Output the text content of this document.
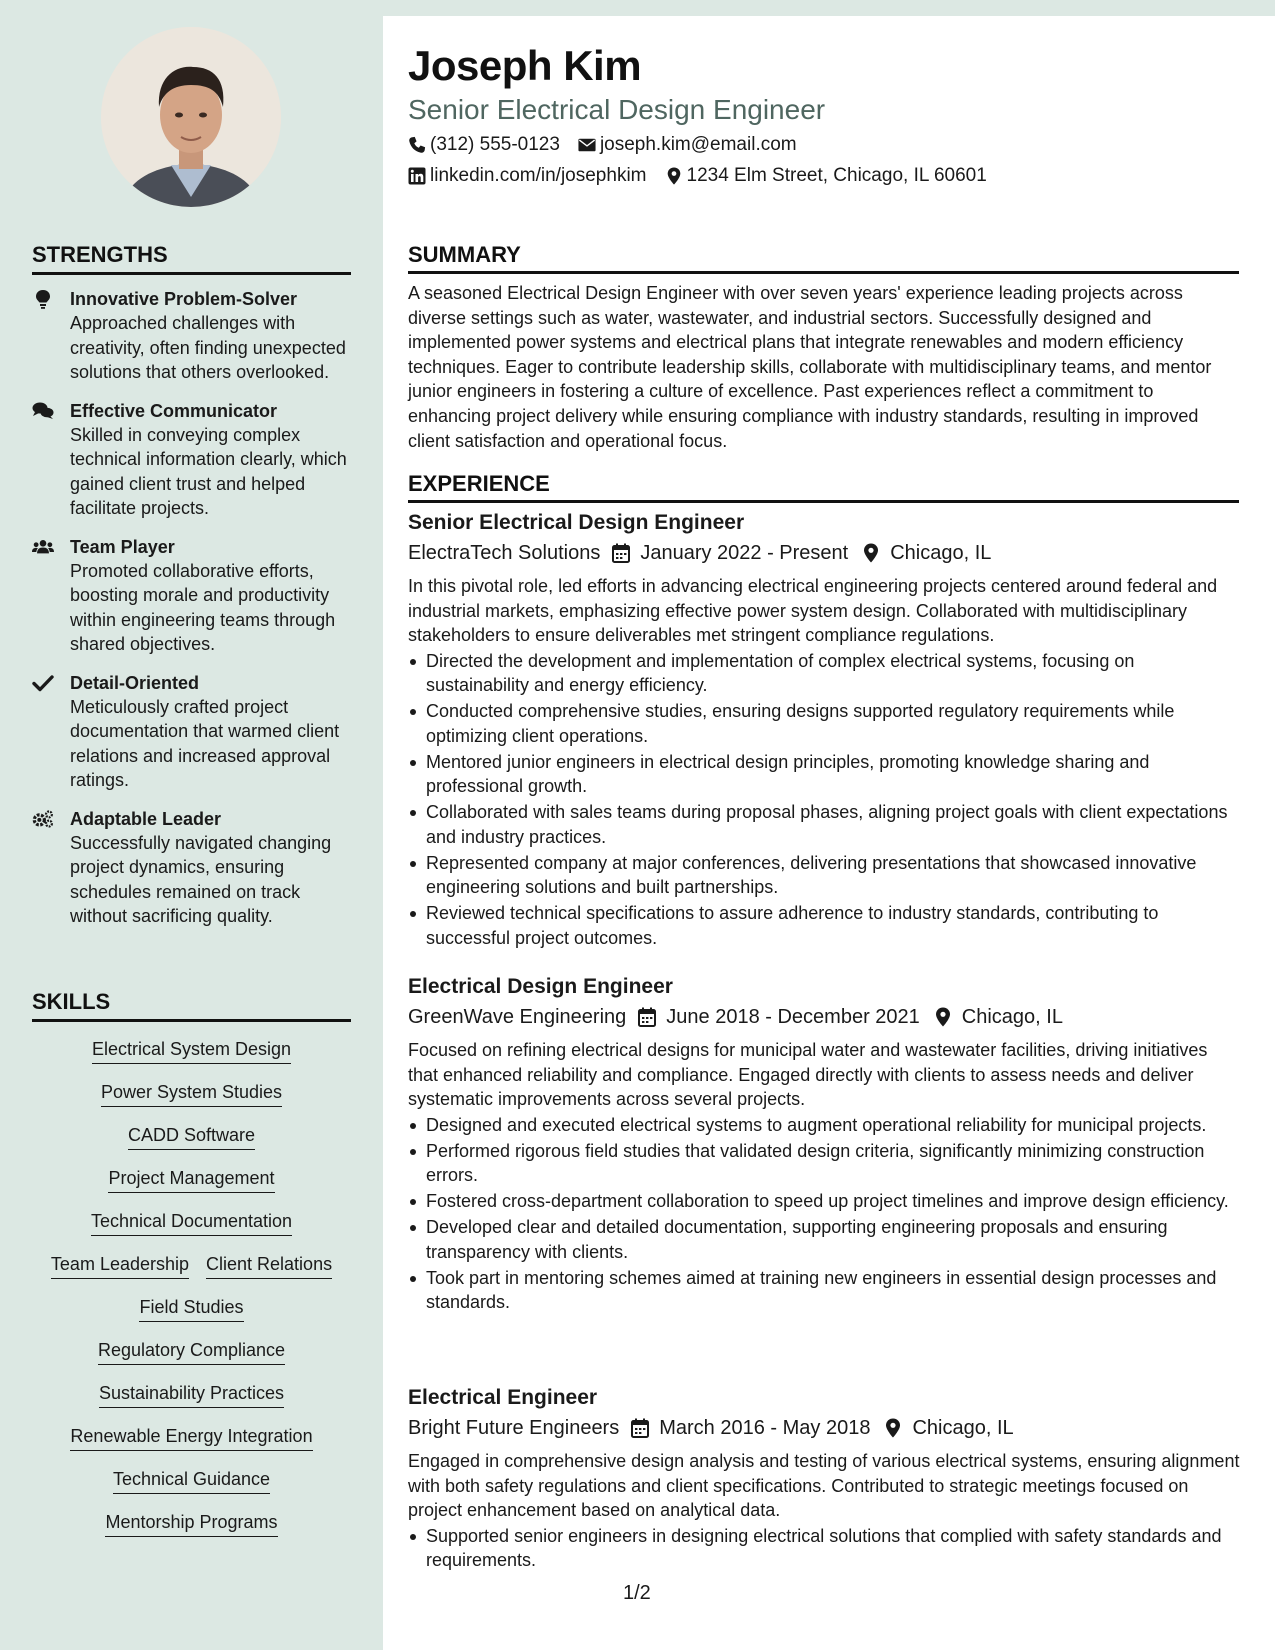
STRENGTHS
Innovative Problem-Solver
Approached challenges with creativity, often finding unexpected solutions that others overlooked.
Effective Communicator
Skilled in conveying complex technical information clearly, which gained client trust and helped facilitate projects.
Team Player
Promoted collaborative efforts, boosting morale and productivity within engineering teams through shared objectives.
Detail-Oriented
Meticulously crafted project documentation that warmed client relations and increased approval ratings.
Adaptable Leader
Successfully navigated changing project dynamics, ensuring schedules remained on track without sacrificing quality.
SKILLS
Electrical System Design
Power System Studies
CADD Software
Project Management
Technical Documentation
Team Leadership Client Relations
Field Studies
Regulatory Compliance
Sustainability Practices
Renewable Energy Integration
Technical Guidance
Mentorship Programs
Joseph Kim
Senior Electrical Design Engineer
(312) 555-0123 joseph.kim@email.com
linkedin.com/in/josephkim 1234 Elm Street, Chicago, IL 60601
SUMMARY
A seasoned Electrical Design Engineer with over seven years' experience leading projects across diverse settings such as water, wastewater, and industrial sectors. Successfully designed and implemented power systems and electrical plans that integrate renewables and modern efficiency techniques. Eager to contribute leadership skills, collaborate with multidisciplinary teams, and mentor junior engineers in fostering a culture of excellence. Past experiences reflect a commitment to enhancing project delivery while ensuring compliance with industry standards, resulting in improved client satisfaction and operational focus.
EXPERIENCE
Senior Electrical Design Engineer
ElectraTech Solutions January 2022 - Present Chicago, IL
In this pivotal role, led efforts in advancing electrical engineering projects centered around federal and industrial markets, emphasizing effective power system design. Collaborated with multidisciplinary stakeholders to ensure deliverables met stringent compliance regulations.
Directed the development and implementation of complex electrical systems, focusing on sustainability and energy efficiency.
Conducted comprehensive studies, ensuring designs supported regulatory requirements while optimizing client operations.
Mentored junior engineers in electrical design principles, promoting knowledge sharing and professional growth.
Collaborated with sales teams during proposal phases, aligning project goals with client expectations and industry practices.
Represented company at major conferences, delivering presentations that showcased innovative engineering solutions and built partnerships.
Reviewed technical specifications to assure adherence to industry standards, contributing to successful project outcomes.
Electrical Design Engineer
GreenWave Engineering June 2018 - December 2021 Chicago, IL
Focused on refining electrical designs for municipal water and wastewater facilities, driving initiatives that enhanced reliability and compliance. Engaged directly with clients to assess needs and deliver systematic improvements across several projects.
Designed and executed electrical systems to augment operational reliability for municipal projects.
Performed rigorous field studies that validated design criteria, significantly minimizing construction errors.
Fostered cross-department collaboration to speed up project timelines and improve design efficiency.
Developed clear and detailed documentation, supporting engineering proposals and ensuring transparency with clients.
Took part in mentoring schemes aimed at training new engineers in essential design processes and standards.
Electrical Engineer
Bright Future Engineers March 2016 - May 2018 Chicago, IL
Engaged in comprehensive design analysis and testing of various electrical systems, ensuring alignment with both safety regulations and client specifications. Contributed to strategic meetings focused on project enhancement based on analytical data.
Supported senior engineers in designing electrical solutions that complied with safety standards and requirements.
1/2
